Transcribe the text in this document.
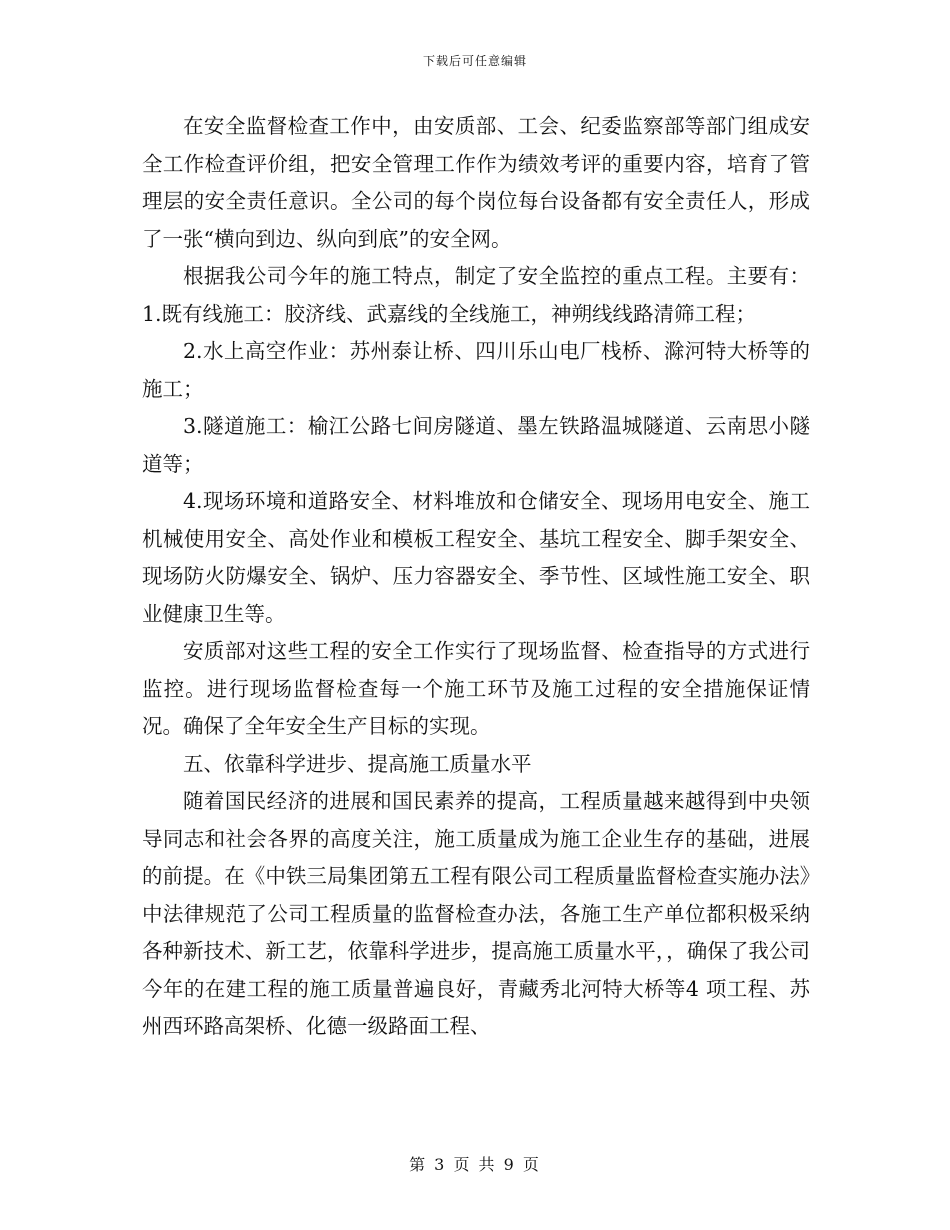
下载后可任意编辑

在安全监督检查工作中，由安质部、工会、纪委监察部等部门组成安全工作检查评价组，把安全管理工作作为绩效考评的重要内容，培育了管理层的安全责任意识。全公司的每个岗位每台设备都有安全责任人，形成了一张“横向到边、纵向到底”的安全网。

根据我公司今年的施工特点，制定了安全监控的重点工程。主要有： 1.既有线施工：胶济线、武嘉线的全线施工，神朔线线路清筛工程；

2.水上高空作业：苏州泰让桥、四川乐山电厂栈桥、滁河特大桥等的施工；

3.隧道施工：榆江公路七间房隧道、墨左铁路温城隧道、云南思小隧道等；

4.现场环境和道路安全、材料堆放和仓储安全、现场用电安全、施工机械使用安全、高处作业和模板工程安全、基坑工程安全、脚手架安全、现场防火防爆安全、锅炉、压力容器安全、季节性、区域性施工安全、职业健康卫生等。

安质部对这些工程的安全工作实行了现场监督、检查指导的方式进行监控。进行现场监督检查每一个施工环节及施工过程的安全措施保证情况。确保了全年安全生产目标的实现。

五、依靠科学进步、提高施工质量水平

随着国民经济的进展和国民素养的提高，工程质量越来越得到中央领导同志和社会各界的高度关注，施工质量成为施工企业生存的基础，进展的前提。在《中铁三局集团第五工程有限公司工程质量监督检查实施办法》中法律规范了公司工程质量的监督检查办法，各施工生产单位都积极采纳各种新技术、新工艺，依靠科学进步，提高施工质量水平，，确保了我公司今年的在建工程的施工质量普遍良好，青藏秀北河特大桥等4 项工程、苏州西环路高架桥、化德一级路面工程、

第 3 页 共 9 页
